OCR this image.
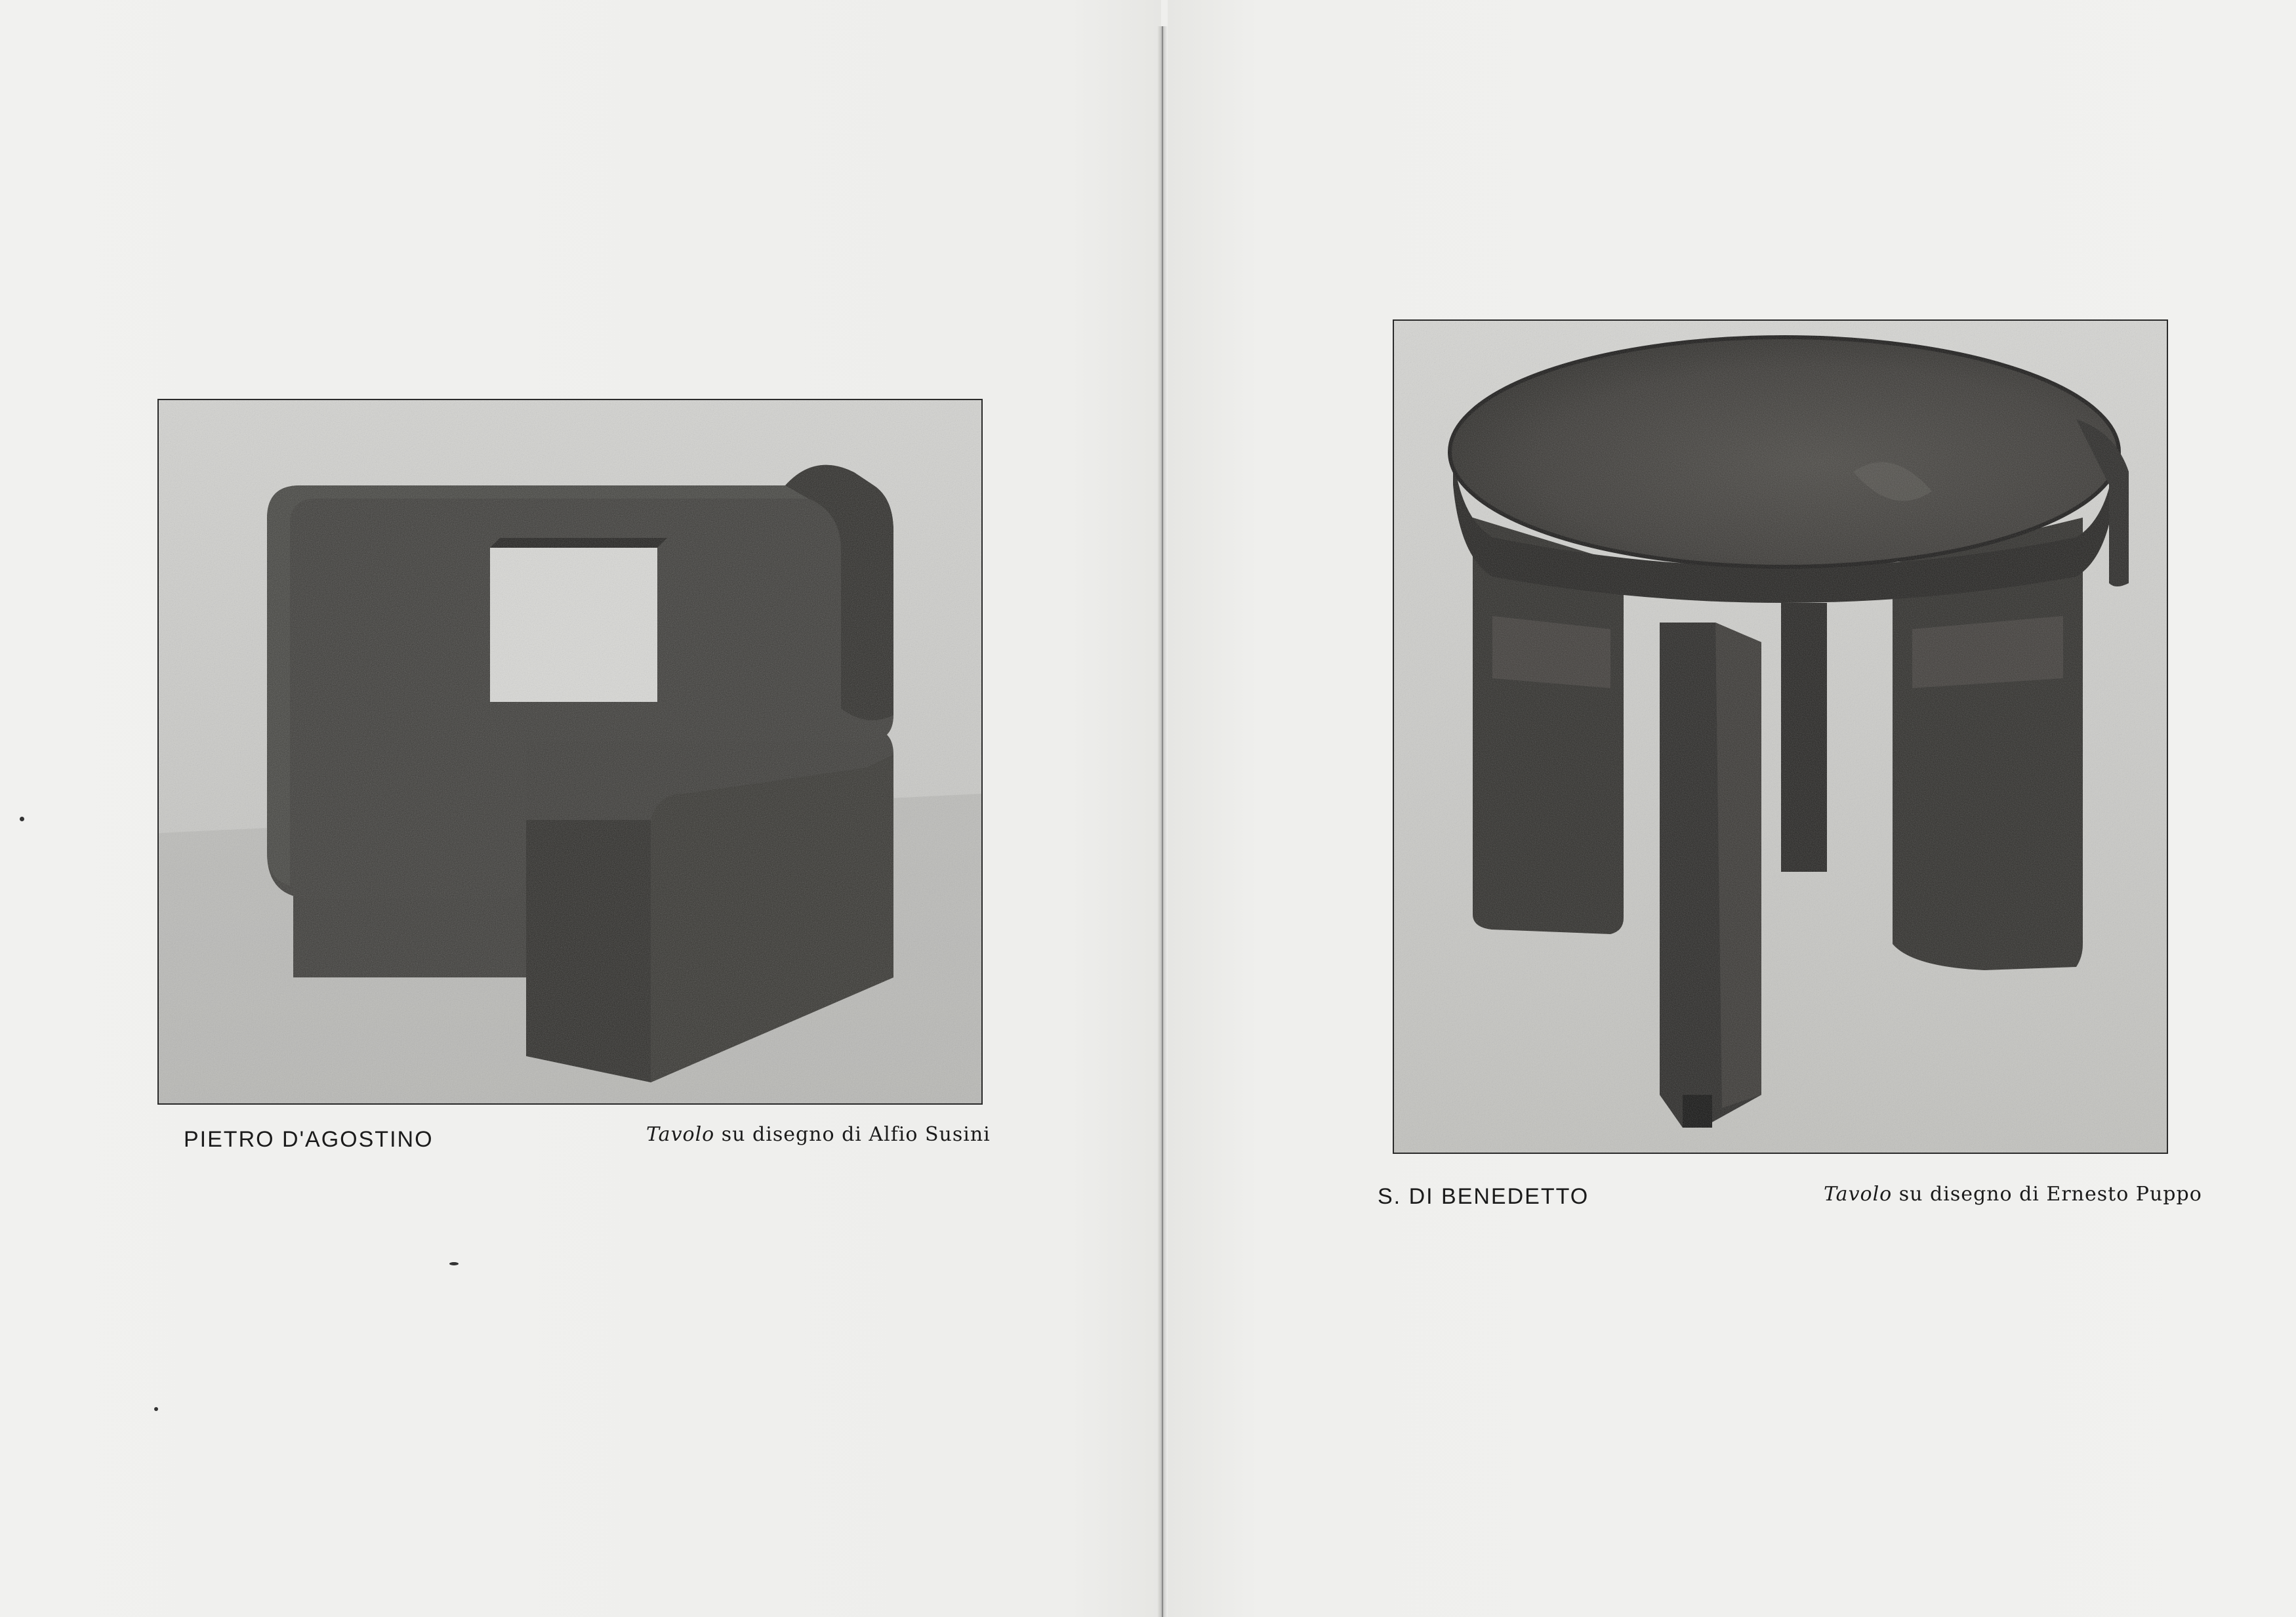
PIETRO D'AGOSTINO	Tavolo su disegno di Alfio Susini
S. DI BENEDETTO	Tavolo su disegno di Ernesto Puppo
